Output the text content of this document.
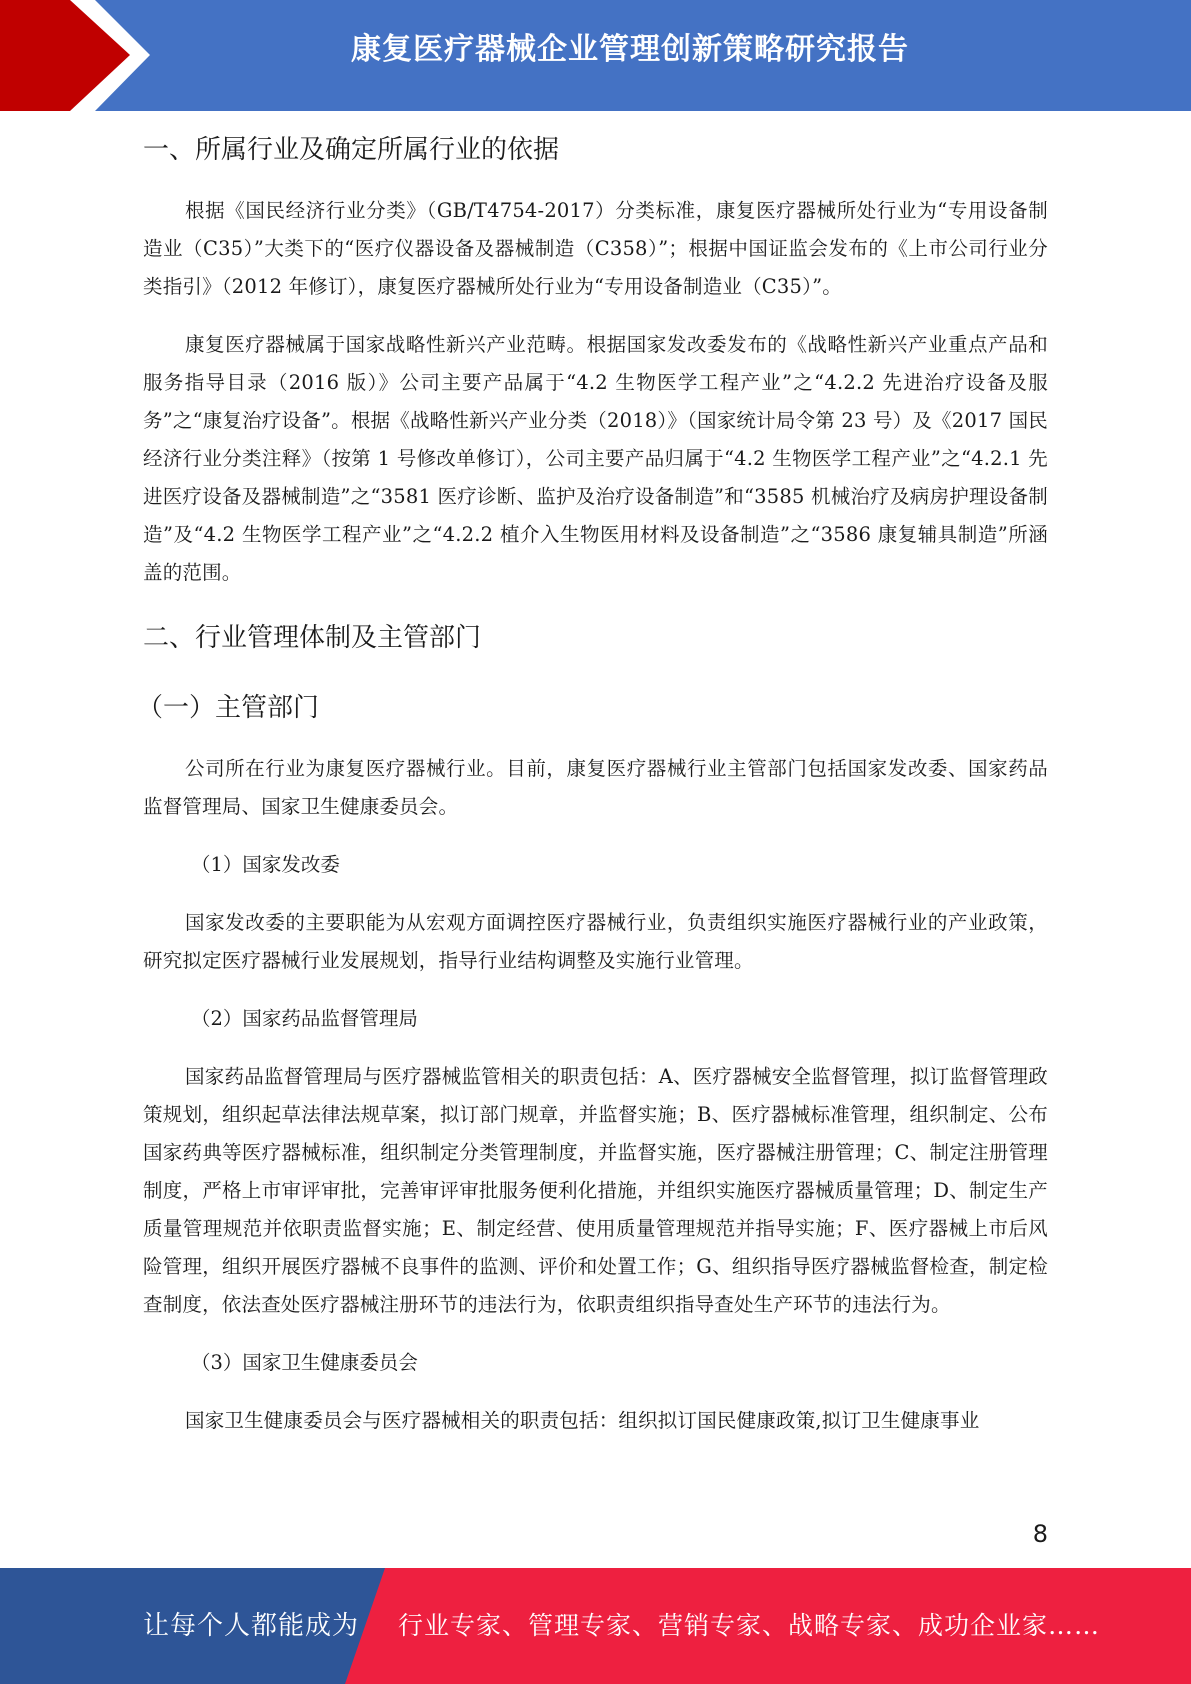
康复医疗器械企业管理创新策略研究报告
一、所属行业及确定所属行业的依据

根据《国民经济行业分类》（GB/T4754-2017）分类标准，康复医疗器械所处行业为“专用设备制造业（C35）”大类下的“医疗仪器设备及器械制造（C358）”；根据中国证监会发布的《上市公司行业分类指引》（2012 年修订），康复医疗器械所处行业为“专用设备制造业（C35）”。

康复医疗器械属于国家战略性新兴产业范畴。根据国家发改委发布的《战略性新兴产业重点产品和服务指导目录（2016 版）》公司主要产品属于“4.2 生物医学工程产业”之“4.2.2 先进治疗设备及服务”之“康复治疗设备”。根据《战略性新兴产业分类（2018）》（国家统计局令第 23 号）及《2017 国民经济行业分类注释》（按第 1 号修改单修订），公司主要产品归属于“4.2 生物医学工程产业”之“4.2.1 先进医疗设备及器械制造”之“3581 医疗诊断、监护及治疗设备制造”和“3585 机械治疗及病房护理设备制造”及“4.2 生物医学工程产业”之“4.2.2 植介入生物医用材料及设备制造”之“3586 康复辅具制造”所涵盖的范围。

二、行业管理体制及主管部门
（一）主管部门

公司所在行业为康复医疗器械行业。目前，康复医疗器械行业主管部门包括国家发改委、国家药品监督管理局、国家卫生健康委员会。

（1）国家发改委

国家发改委的主要职能为从宏观方面调控医疗器械行业，负责组织实施医疗器械行业的产业政策，研究拟定医疗器械行业发展规划，指导行业结构调整及实施行业管理。

（2）国家药品监督管理局

国家药品监督管理局与医疗器械监管相关的职责包括：A、医疗器械安全监督管理，拟订监督管理政策规划，组织起草法律法规草案，拟订部门规章，并监督实施；B、医疗器械标准管理，组织制定、公布国家药典等医疗器械标准，组织制定分类管理制度，并监督实施，医疗器械注册管理；C、制定注册管理制度，严格上市审评审批，完善审评审批服务便利化措施，并组织实施医疗器械质量管理；D、制定生产质量管理规范并依职责监督实施；E、制定经营、使用质量管理规范并指导实施；F、医疗器械上市后风险管理，组织开展医疗器械不良事件的监测、评价和处置工作；G、组织指导医疗器械监督检查，制定检查制度，依法查处医疗器械注册环节的违法行为，依职责组织指导查处生产环节的违法行为。

（3）国家卫生健康委员会

国家卫生健康委员会与医疗器械相关的职责包括：组织拟订国民健康政策,拟订卫生健康事业

8
让每个人都能成为 行业专家、管理专家、营销专家、战略专家、成功企业家……
